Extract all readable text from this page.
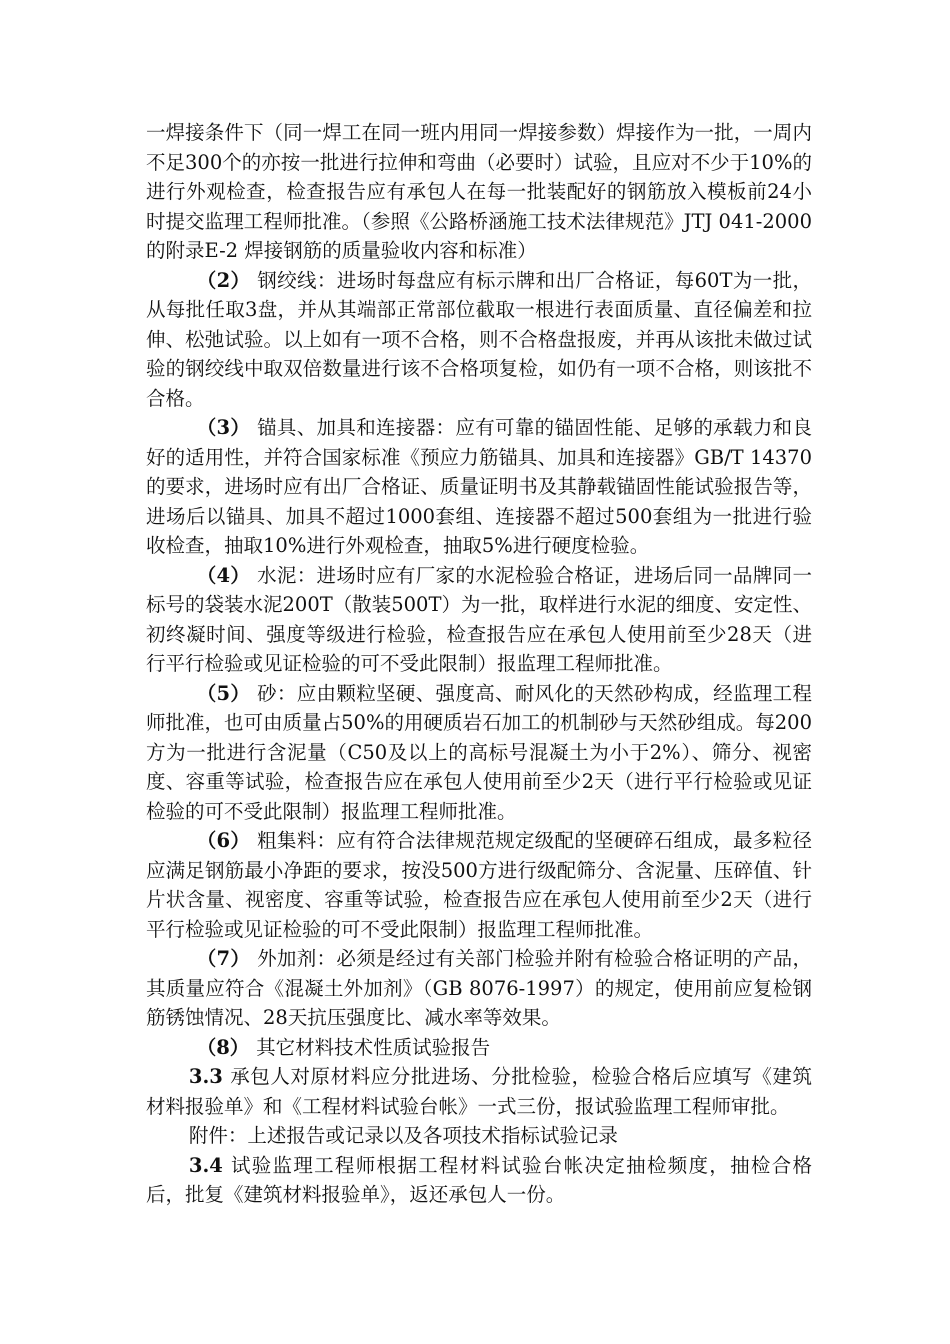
一焊接条件下（同一焊工在同一班内用同一焊接参数）焊接作为一批，一周内不足300个的亦按一批进行拉伸和弯曲（必要时）试验，且应对不少于10%的进行外观检查，检查报告应有承包人在每一批装配好的钢筋放入模板前24小时提交监理工程师批准。（参照《公路桥涵施工技术法律规范》JTJ 041-2000的附录E-2 焊接钢筋的质量验收内容和标准）

（2） 钢绞线：进场时每盘应有标示牌和出厂合格证，每60T为一批，从每批任取3盘，并从其端部正常部位截取一根进行表面质量、直径偏差和拉伸、松弛试验。以上如有一项不合格，则不合格盘报废，并再从该批未做过试验的钢绞线中取双倍数量进行该不合格项复检，如仍有一项不合格，则该批不合格。

（3） 锚具、加具和连接器：应有可靠的锚固性能、足够的承载力和良好的适用性，并符合国家标准《预应力筋锚具、加具和连接器》GB/T 14370的要求，进场时应有出厂合格证、质量证明书及其静载锚固性能试验报告等，进场后以锚具、加具不超过1000套组、连接器不超过500套组为一批进行验收检查，抽取10%进行外观检查，抽取5%进行硬度检验。

（4） 水泥：进场时应有厂家的水泥检验合格证，进场后同一品牌同一标号的袋装水泥200T（散装500T）为一批，取样进行水泥的细度、安定性、初终凝时间、强度等级进行检验，检查报告应在承包人使用前至少28天（进行平行检验或见证检验的可不受此限制）报监理工程师批准。

（5） 砂：应由颗粒坚硬、强度高、耐风化的天然砂构成，经监理工程师批准，也可由质量占50%的用硬质岩石加工的机制砂与天然砂组成。每200方为一批进行含泥量（C50及以上的高标号混凝土为小于2%）、筛分、视密度、容重等试验，检查报告应在承包人使用前至少2天（进行平行检验或见证检验的可不受此限制）报监理工程师批准。

（6） 粗集料：应有符合法律规范规定级配的坚硬碎石组成，最多粒径应满足钢筋最小净距的要求，按没500方进行级配筛分、含泥量、压碎值、针片状含量、视密度、容重等试验，检查报告应在承包人使用前至少2天（进行平行检验或见证检验的可不受此限制）报监理工程师批准。

（7） 外加剂：必须是经过有关部门检验并附有检验合格证明的产品，其质量应符合《混凝土外加剂》（GB 8076-1997）的规定，使用前应复检钢筋锈蚀情况、28天抗压强度比、减水率等效果。

（8） 其它材料技术性质试验报告

3.3 承包人对原材料应分批进场、分批检验，检验合格后应填写《建筑材料报验单》和《工程材料试验台帐》一式三份，报试验监理工程师审批。

附件：上述报告或记录以及各项技术指标试验记录

3.4 试验监理工程师根据工程材料试验台帐决定抽检频度，抽检合格后，批复《建筑材料报验单》，返还承包人一份。
